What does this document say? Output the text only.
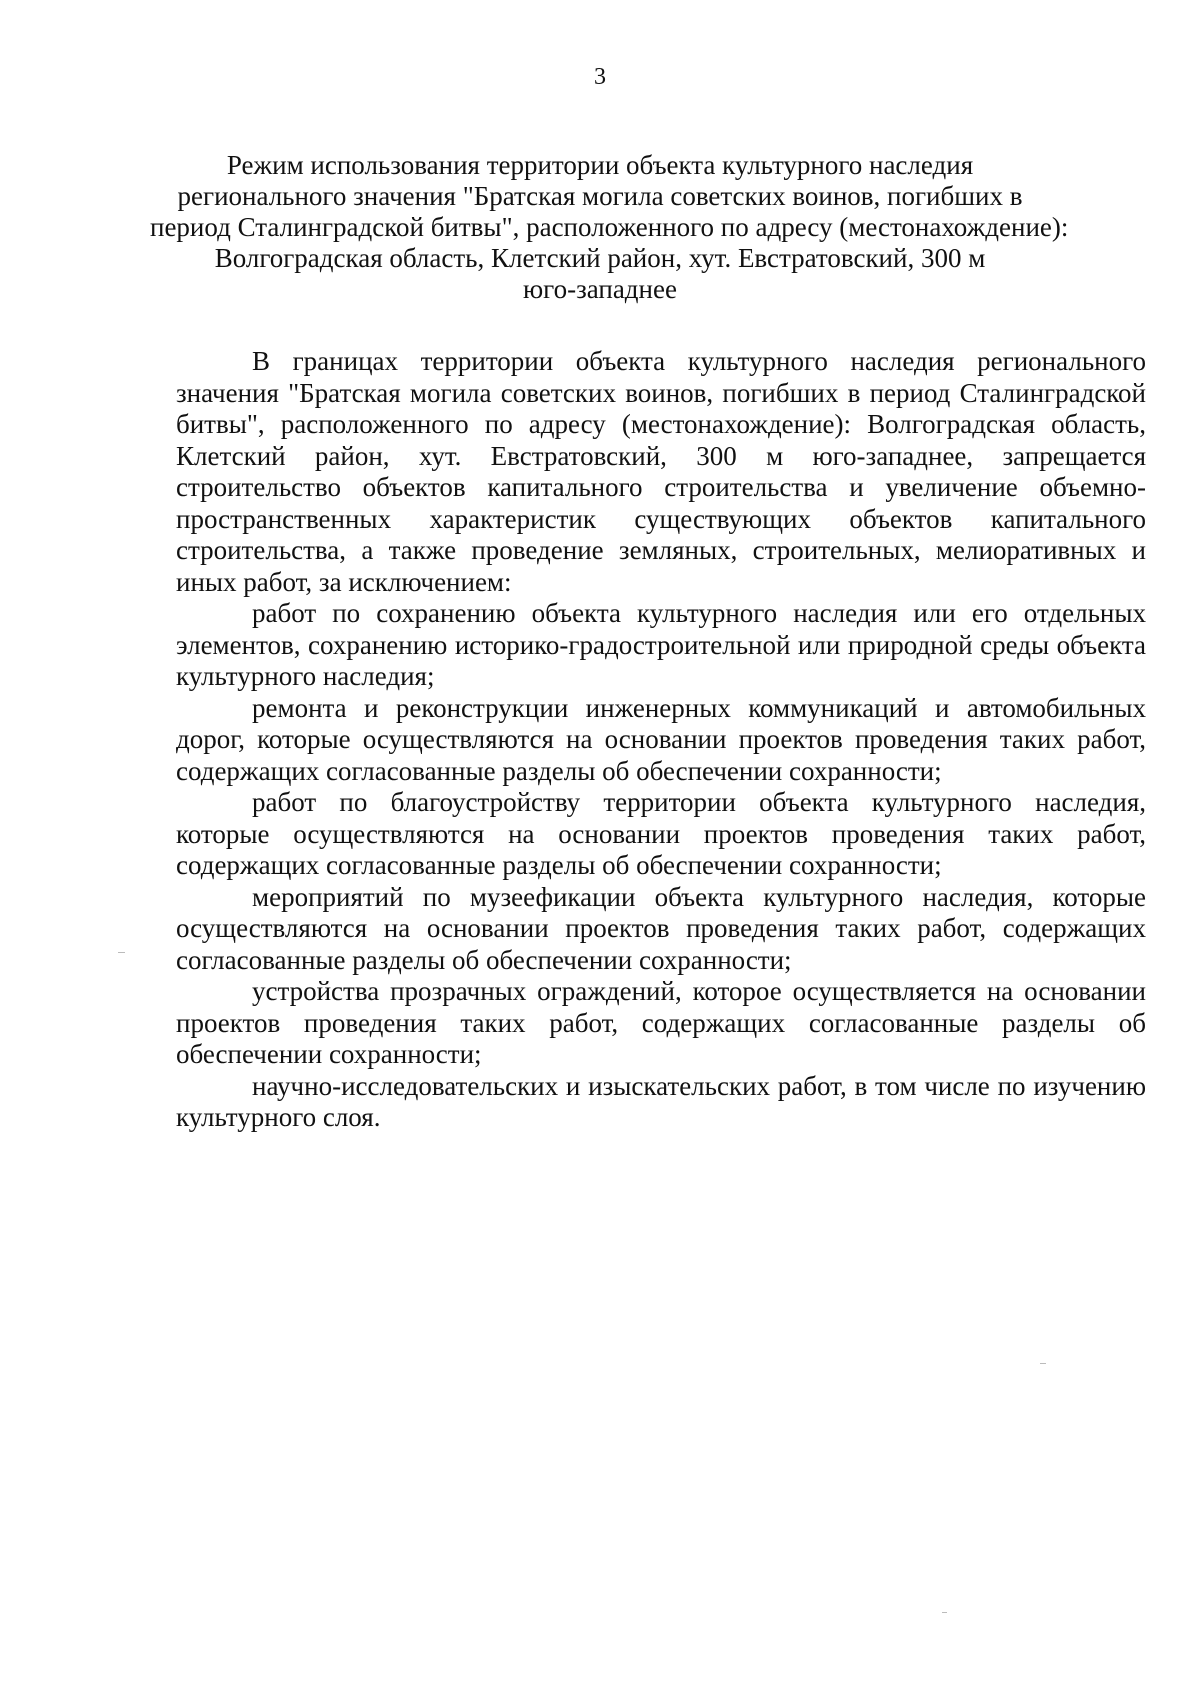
3
Режим использования территории объекта культурного наследия
регионального значения "Братская могила советских воинов, погибших в
период Сталинградской битвы", расположенного по адресу (местонахождение):
Волгоградская область, Клетский район, хут. Евстратовский, 300 м
юго-западнее

В границах территории объекта культурного наследия регионального значения "Братская могила советских воинов, погибших в период Сталинградской битвы", расположенного по адресу (местонахождение): Волгоградская область, Клетский район, хут. Евстратовский, 300 м юго-западнее, запрещается строительство объектов капитального строительства и увеличение объемно-пространственных характеристик существующих объектов капитального строительства, а также проведение земляных, строительных, мелиоративных и иных работ, за исключением:

работ по сохранению объекта культурного наследия или его отдельных элементов, сохранению историко-градостроительной или природной среды объекта культурного наследия;

ремонта и реконструкции инженерных коммуникаций и автомобильных дорог, которые осуществляются на основании проектов проведения таких работ, содержащих согласованные разделы об обеспечении сохранности;

работ по благоустройству территории объекта культурного наследия, которые осуществляются на основании проектов проведения таких работ, содержащих согласованные разделы об обеспечении сохранности;

мероприятий по музеефикации объекта культурного наследия, которые осуществляются на основании проектов проведения таких работ, содержащих согласованные разделы об обеспечении сохранности;

устройства прозрачных ограждений, которое осуществляется на основании проектов проведения таких работ, содержащих согласованные разделы об обеспечении сохранности;

научно-исследовательских и изыскательских работ, в том числе по изучению культурного слоя.
